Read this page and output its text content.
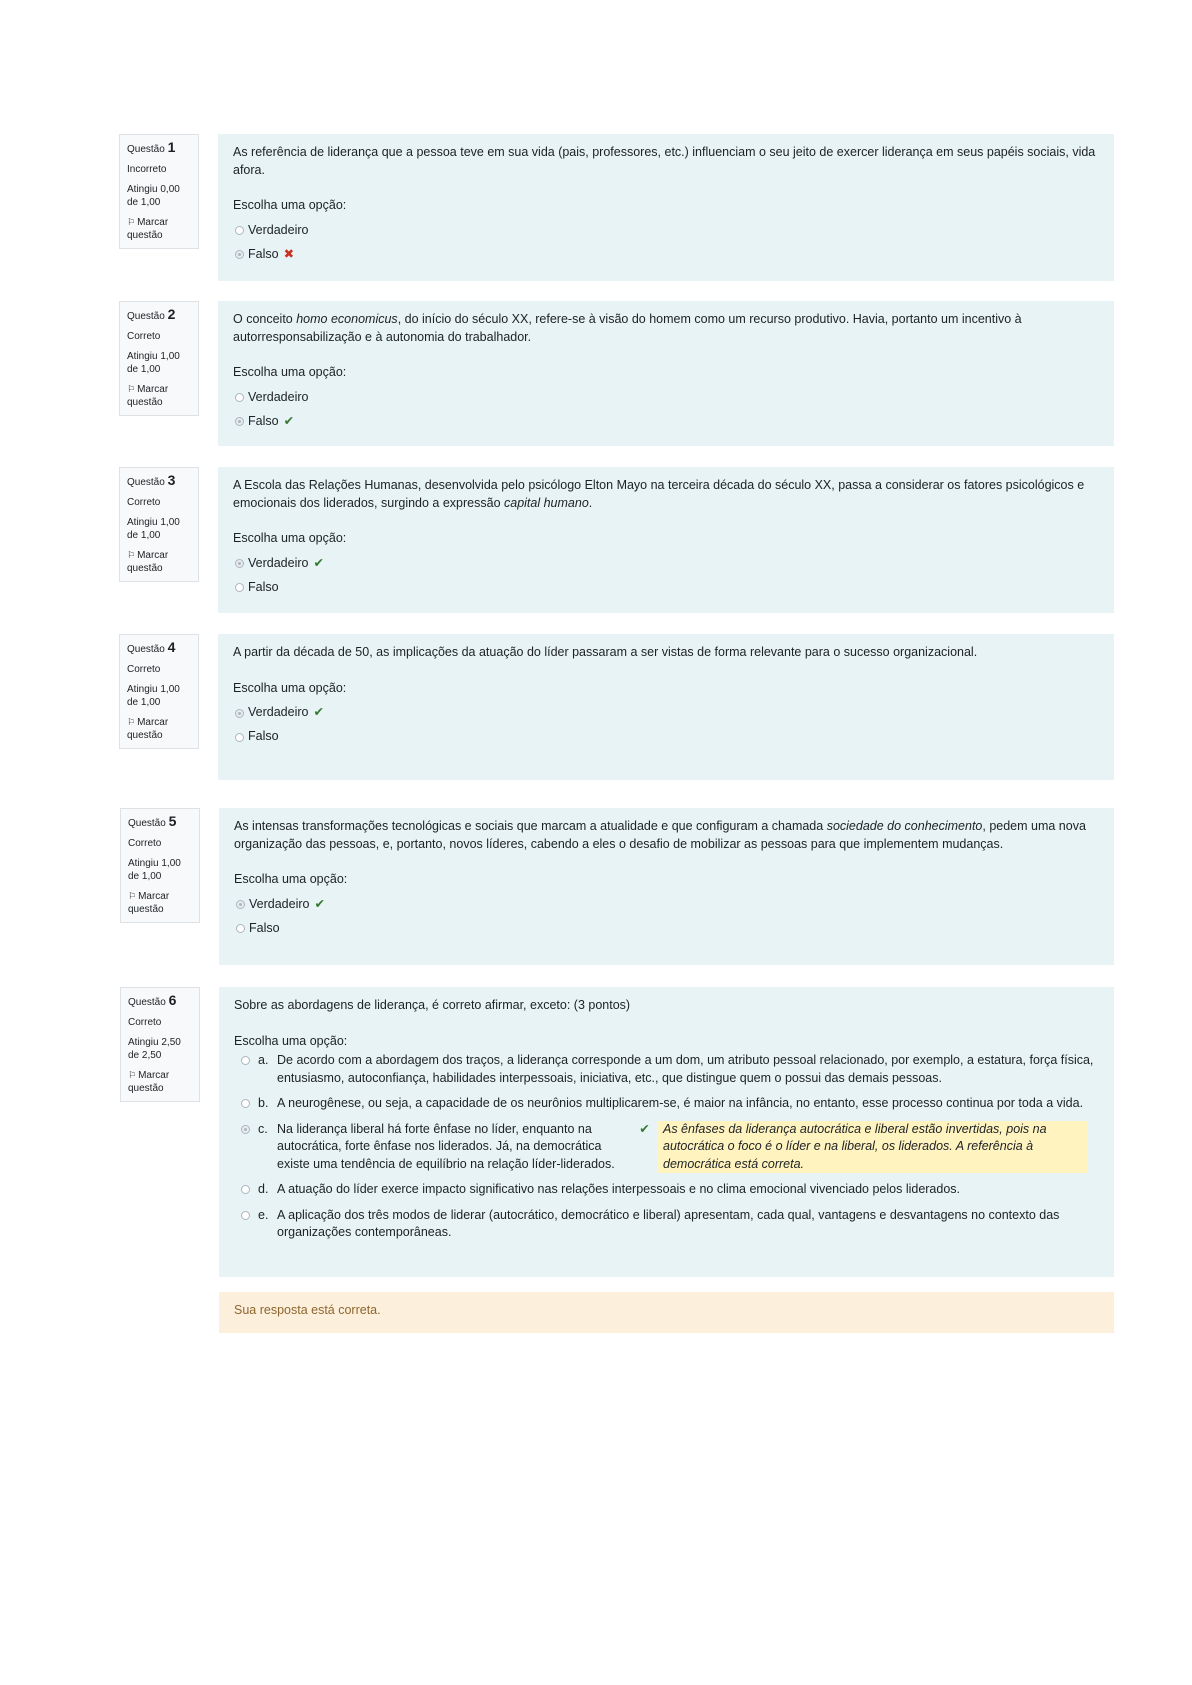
Questão 1
Incorreto
Atingiu 0,00 de 1,00
⚐ Marcar questão

As referência de liderança que a pessoa teve em sua vida (pais, professores, etc.) influenciam o seu jeito de exercer liderança em seus papéis sociais, vida afora.

Escolha uma opção:
Verdadeiro
Falso ✖
Questão 2
Correto
Atingiu 1,00 de 1,00
⚐ Marcar questão

O conceito homo economicus, do início do século XX, refere-se à visão do homem como um recurso produtivo. Havia, portanto um incentivo à autorresponsabilização e à autonomia do trabalhador.

Escolha uma opção:
Verdadeiro
Falso ✔
Questão 3
Correto
Atingiu 1,00 de 1,00
⚐ Marcar questão

A Escola das Relações Humanas, desenvolvida pelo psicólogo Elton Mayo na terceira década do século XX, passa a considerar os fatores psicológicos e emocionais dos liderados, surgindo a expressão capital humano.

Escolha uma opção:
Verdadeiro ✔
Falso
Questão 4
Correto
Atingiu 1,00 de 1,00
⚐ Marcar questão

A partir da década de 50, as implicações da atuação do líder passaram a ser vistas de forma relevante para o sucesso organizacional.

Escolha uma opção:
Verdadeiro ✔
Falso
Questão 5
Correto
Atingiu 1,00 de 1,00
⚐ Marcar questão

As intensas transformações tecnológicas e sociais que marcam a atualidade e que configuram a chamada sociedade do conhecimento, pedem uma nova organização das pessoas, e, portanto, novos líderes, cabendo a eles o desafio de mobilizar as pessoas para que implementem mudanças.

Escolha uma opção:
Verdadeiro ✔
Falso
Questão 6
Correto
Atingiu 2,50 de 2,50
⚐ Marcar questão

Sobre as abordagens de liderança, é correto afirmar, exceto: (3 pontos)

Escolha uma opção:
a. De acordo com a abordagem dos traços, a liderança corresponde a um dom, um atributo pessoal relacionado, por exemplo, a estatura, força física, entusiasmo, autoconfiança, habilidades interpessoais, iniciativa, etc., que distingue quem o possui das demais pessoas.
b. A neurogênese, ou seja, a capacidade de os neurônios multiplicarem-se, é maior na infância, no entanto, esse processo continua por toda a vida.
c. Na liderança liberal há forte ênfase no líder, enquanto na autocrática, forte ênfase nos liderados. Já, na democrática existe uma tendência de equilíbrio na relação líder-liderados.
✔	As ênfases da liderança autocrática e liberal estão invertidas, pois na autocrática o foco é o líder e na liberal, os liderados. A referência à democrática está correta.
d. A atuação do líder exerce impacto significativo nas relações interpessoais e no clima emocional vivenciado pelos liderados.
e. A aplicação dos três modos de liderar (autocrático, democrático e liberal) apresentam, cada qual, vantagens e desvantagens no contexto das organizações contemporâneas.
Sua resposta está correta.
